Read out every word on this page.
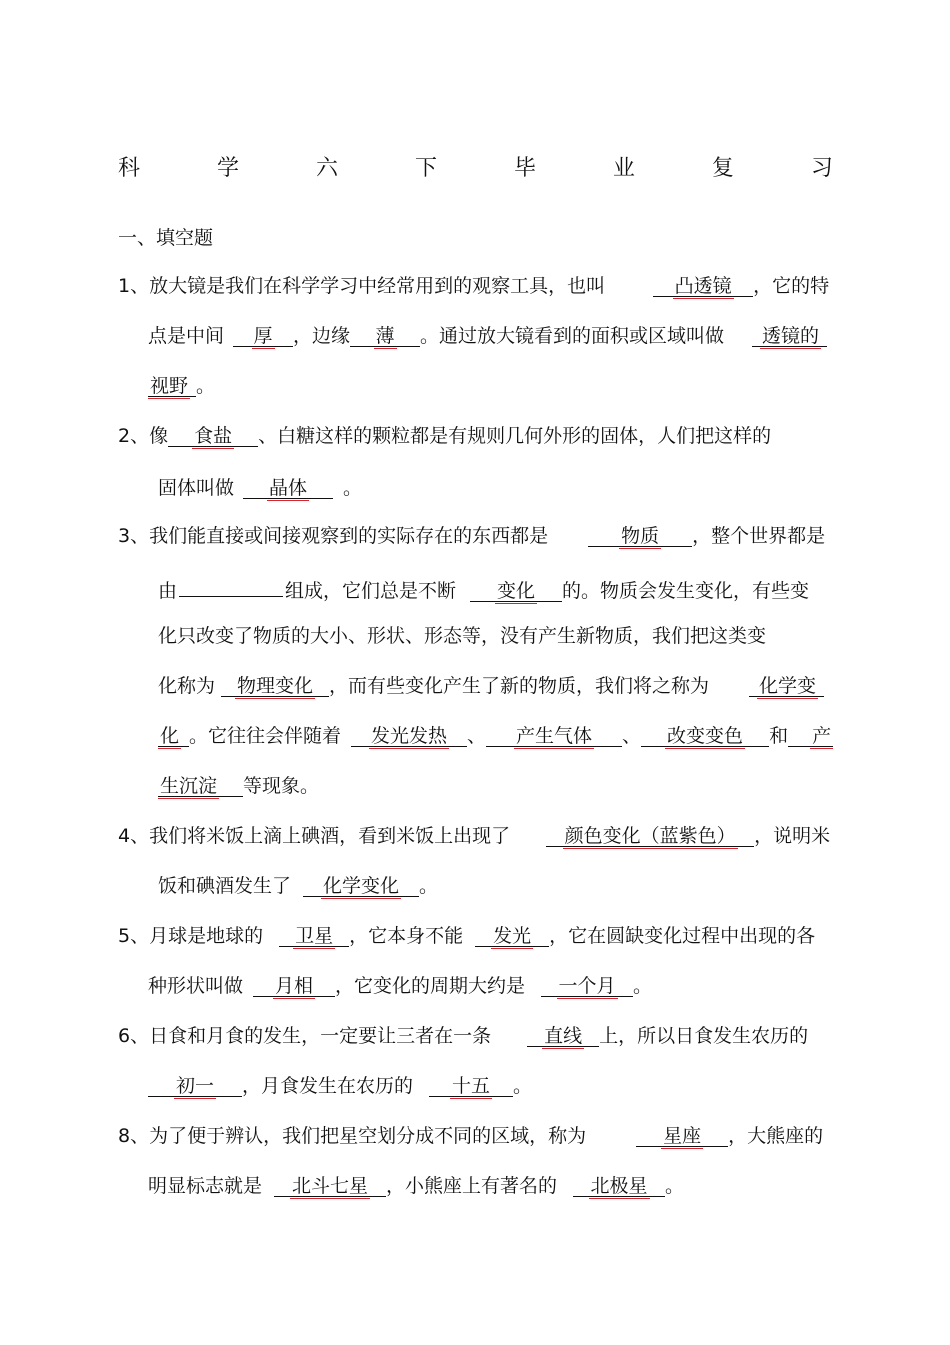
科	学	六	下	毕	业	复	习
一、填空题
1、放大镜是我们在科学学习中经常用到的观察工具，也叫	凸透镜 ，它的特
点是中间 厚 ，边缘 薄 。通过放大镜看到的面积或区域叫做 透镜的
视野 。
2、像 食盐 、白糖这样的颗粒都是有规则几何外形的固体，人们把这样的
固体叫做 晶体 。
3、我们能直接或间接观察到的实际存在的东西都是	物质 ，整个世界都是
由	组成，它们总是不断 变化 的。物质会发生变化，有些变
化只改变了物质的大小、形状、形态等，没有产生新物质，我们把这类变
化称为 物理变化 ，而有些变化产生了新的物质，我们将之称为	化学变
化 。它往往会伴随着 发光发热 、 产生气体 、 改变变色 和 产
生沉淀 等现象。
4、我们将米饭上滴上碘酒，看到米饭上出现了	颜色变化（蓝紫色） ，说明米
饭和碘酒发生了 化学变化 。
5、月球是地球的 卫星 ，它本身不能 发光 ，它在圆缺变化过程中出现的各
种形状叫做 月相 ，它变化的周期大约是 一个月 。
6、日食和月食的发生，一定要让三者在一条	直线 上，所以日食发生农历的
初一 ，月食发生在农历的 十五 。
8、为了便于辨认，我们把星空划分成不同的区域，称为	星座 ，大熊座的
明显标志就是 北斗七星 ，小熊座上有著名的 北极星 。
